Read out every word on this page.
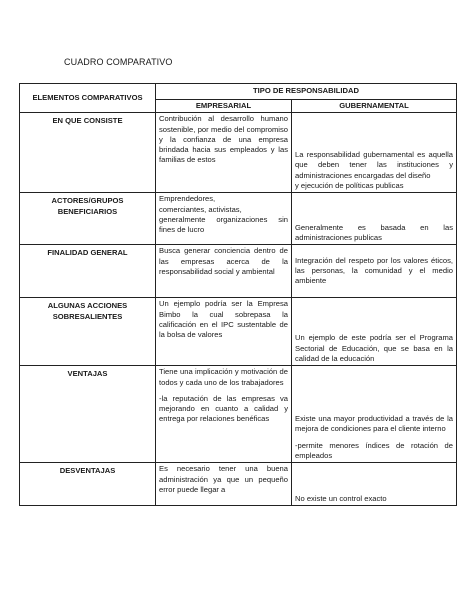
CUADRO COMPARATIVO
ELEMENTOS COMPARATIVOS	TIPO DE RESPONSABILIDAD	
	EMPRESARIAL	GUBERNAMENTAL
EN QUE CONSISTE	Contribución al desarrollo humano sostenible, por medio del compromiso y la confianza de una empresa brindada hacia sus empleados y las familias de estos	La responsabilidad gubernamental es aquella que deben tener las instituciones y administraciones encargadas del diseño
y ejecución de políticas publicas

ACTORES/GRUPOS BENEFICIARIOS	Emprendedores,
comerciantes, activistas,
generalmente organizaciones sin fines de lucro	Generalmente es basada en las administraciones publicas

FINALIDAD GENERAL	Busca generar conciencia dentro de las empresas acerca de la responsabilidad social y ambiental	Integración del respeto por los valores éticos, las personas, la comunidad y el medio ambiente

ALGUNAS ACCIONES SOBRESALIENTES	Un ejemplo podría ser la Empresa Bimbo la cual sobrepasa la calificación en el IPC sustentable de la bolsa de valores	Un ejemplo de este podría ser el Programa Sectorial de Educación, que se basa en la calidad de la educación

VENTAJAS	Tiene una implicación y motivación de todos y cada uno de los trabajadores
-la reputación de las empresas va mejorando en cuanto a calidad y entrega por relaciones benéficas	Existe una mayor productividad a través de la mejora de condiciones para el cliente interno
-permite menores índices de rotación de empleados

DESVENTAJAS	Es necesario tener una buena administración ya que un pequeño error puede llegar a	No existe un control exacto
